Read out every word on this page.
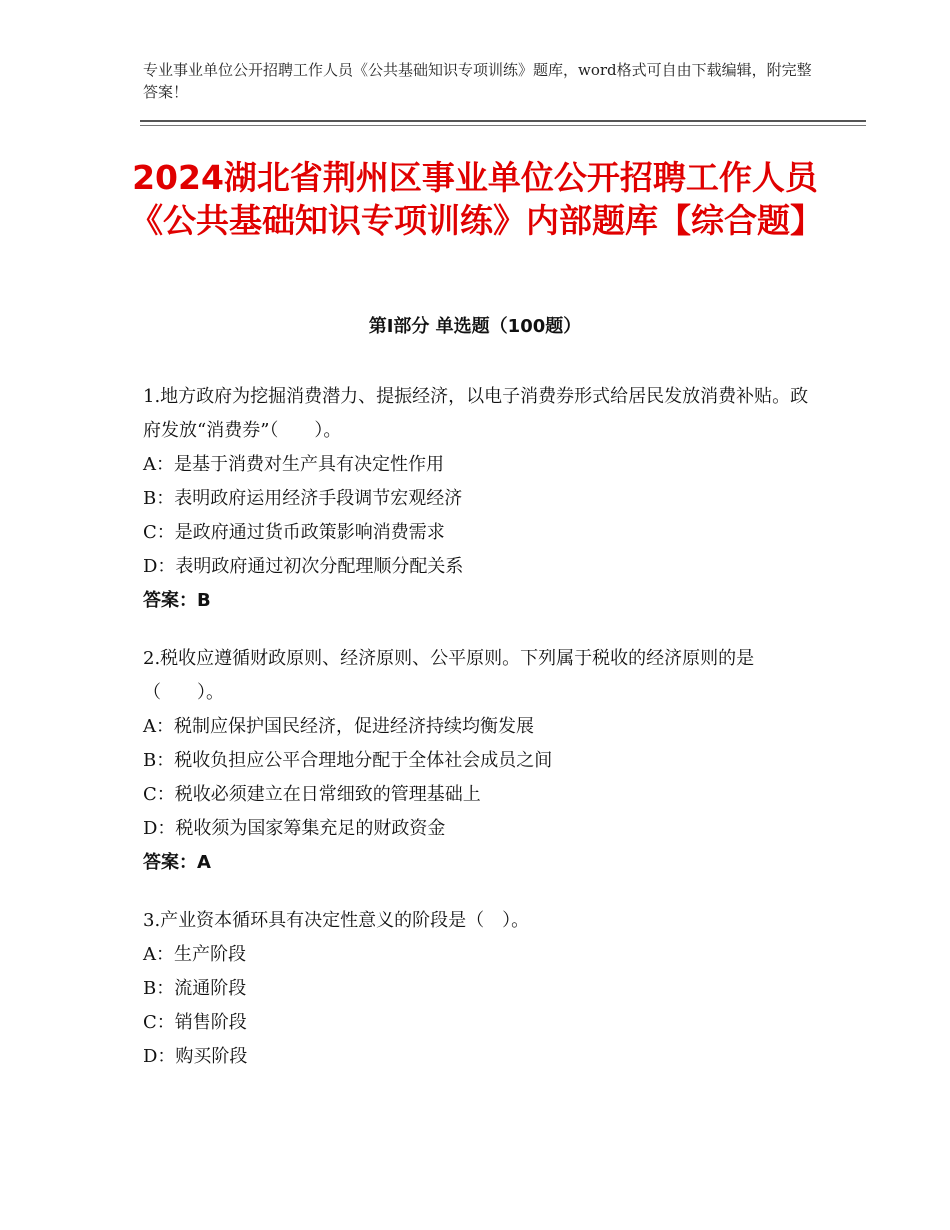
专业事业单位公开招聘工作人员《公共基础知识专项训练》题库，word格式可自由下载编辑，附完整答案！
2024湖北省荆州区事业单位公开招聘工作人员《公共基础知识专项训练》内部题库【综合题】
第Ⅰ部分 单选题（100题）

1.地方政府为挖掘消费潜力、提振经济，以电子消费券形式给居民发放消费补贴。政府发放“消费券”（　　）。

A：是基于消费对生产具有决定性作用

B：表明政府运用经济手段调节宏观经济

C：是政府通过货币政策影响消费需求

D：表明政府通过初次分配理顺分配关系

答案：B

2.税收应遵循财政原则、经济原则、公平原则。下列属于税收的经济原则的是（　　）。

A：税制应保护国民经济，促进经济持续均衡发展

B：税收负担应公平合理地分配于全体社会成员之间

C：税收必须建立在日常细致的管理基础上

D：税收须为国家筹集充足的财政资金

答案：A

3.产业资本循环具有决定性意义的阶段是（　）。

A：生产阶段

B：流通阶段

C：销售阶段

D：购买阶段
